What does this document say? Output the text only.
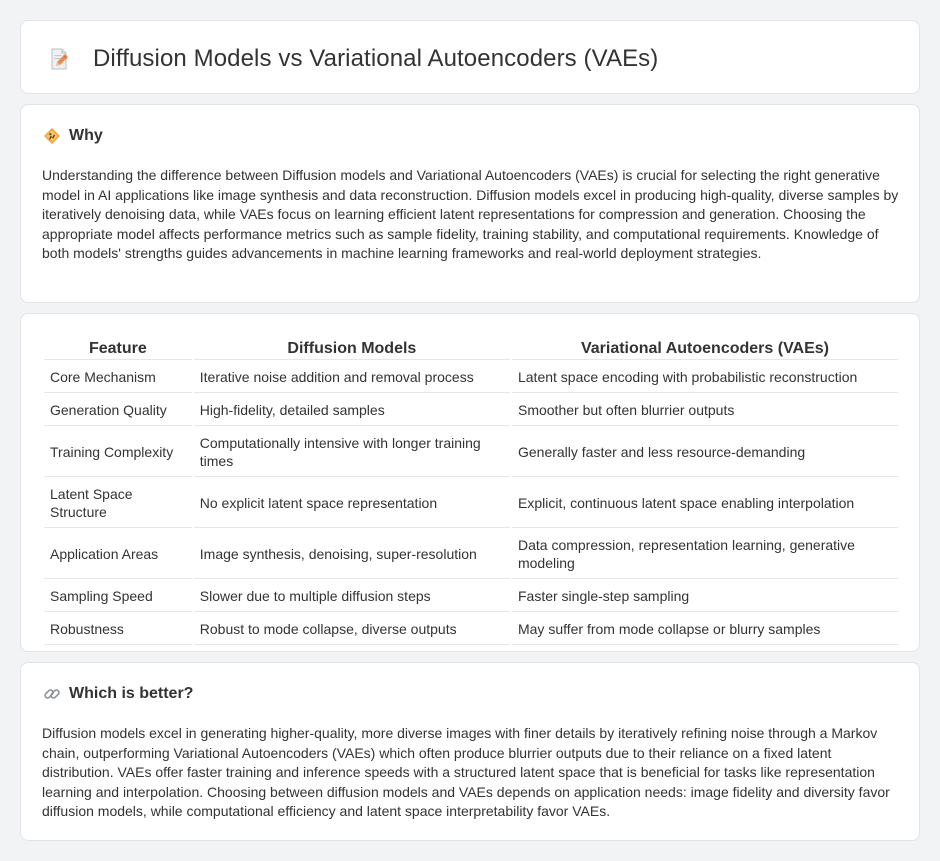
Diffusion Models vs Variational Autoencoders (VAEs)
Why

Understanding the difference between Diffusion models and Variational Autoencoders (VAEs) is crucial for selecting the right generative model in AI applications like image synthesis and data reconstruction. Diffusion models excel in producing high-quality, diverse samples by iteratively denoising data, while VAEs focus on learning efficient latent representations for compression and generation. Choosing the appropriate model affects performance metrics such as sample fidelity, training stability, and computational requirements. Knowledge of both models' strengths guides advancements in machine learning frameworks and real-world deployment strategies.

Feature	Diffusion Models	Variational Autoencoders (VAEs)
Core Mechanism	Iterative noise addition and removal process	Latent space encoding with probabilistic reconstruction
Generation Quality	High-fidelity, detailed samples	Smoother but often blurrier outputs
Training Complexity	Computationally intensive with longer training times	Generally faster and less resource-demanding
Latent Space Structure	No explicit latent space representation	Explicit, continuous latent space enabling interpolation
Application Areas	Image synthesis, denoising, super-resolution	Data compression, representation learning, generative modeling
Sampling Speed	Slower due to multiple diffusion steps	Faster single-step sampling
Robustness	Robust to mode collapse, diverse outputs	May suffer from mode collapse or blurry samples
Which is better?

Diffusion models excel in generating higher-quality, more diverse images with finer details by iteratively refining noise through a Markov chain, outperforming Variational Autoencoders (VAEs) which often produce blurrier outputs due to their reliance on a fixed latent distribution. VAEs offer faster training and inference speeds with a structured latent space that is beneficial for tasks like representation learning and interpolation. Choosing between diffusion models and VAEs depends on application needs: image fidelity and diversity favor diffusion models, while computational efficiency and latent space interpretability favor VAEs.
